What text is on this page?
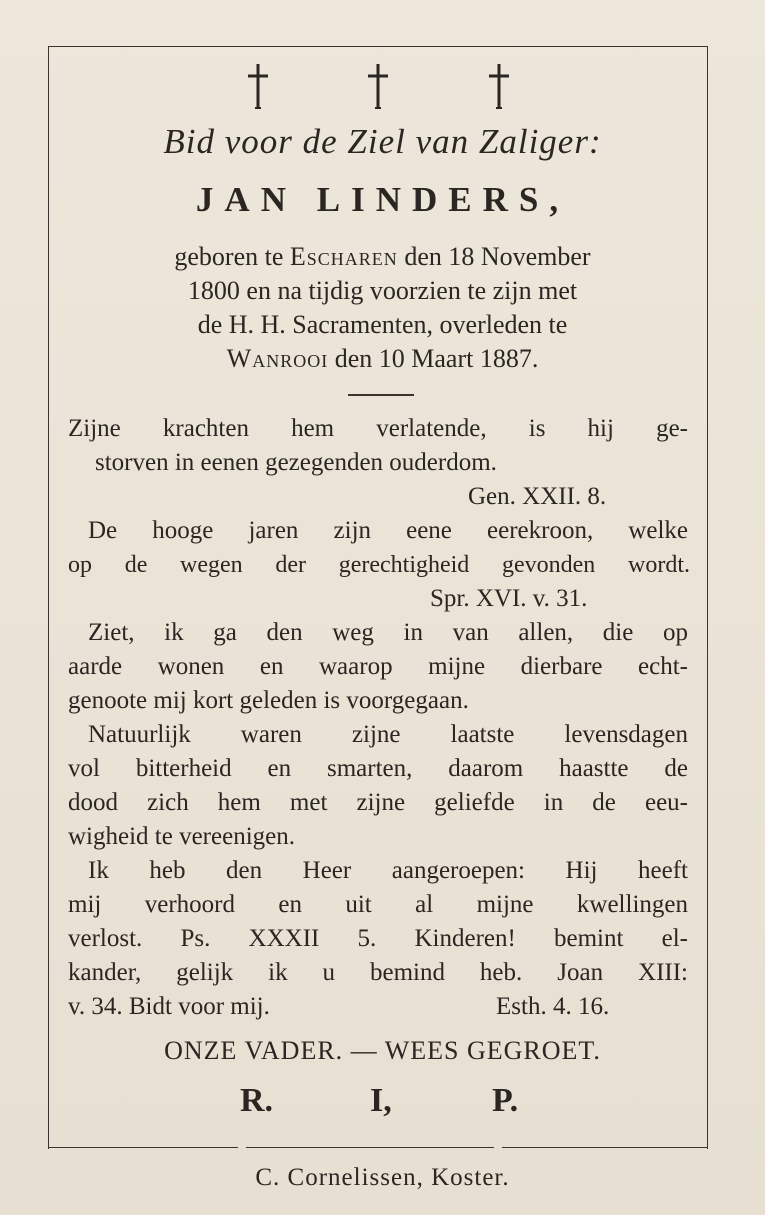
Bid voor de Ziel van Zaliger:
JAN LINDERS,
geboren te Escharen den 18 November
1800 en na tijdig voorzien te zijn met
de H. H. Sacramenten, overleden te
Wanrooi den 10 Maart 1887.
Zijne krachten hem verlatende, is hij ge-
storven in eenen gezegenden ouderdom.
Gen. XXII. 8.
De hooge jaren zijn eene eerekroon, welke
op de wegen der gerechtigheid gevonden wordt.
Spr. XVI. v. 31.
Ziet, ik ga den weg in van allen, die op
aarde wonen en waarop mijne dierbare echt-
genoote mij kort geleden is voorgegaan.
Natuurlijk waren zijne laatste levensdagen
vol bitterheid en smarten, daarom haastte de
dood zich hem met zijne geliefde in de eeu-
wigheid te vereenigen.
Ik heb den Heer aangeroepen: Hij heeft
mij verhoord en uit al mijne kwellingen
verlost. Ps. XXXII 5. Kinderen! bemint el-
kander, gelijk ik u bemind heb. Joan XIII:
v. 34. Bidt voor mij.	Esth. 4. 16.
ONZE VADER. — WEES GEGROET.
R.	I,	P.
C. Cornelissen, Koster.
